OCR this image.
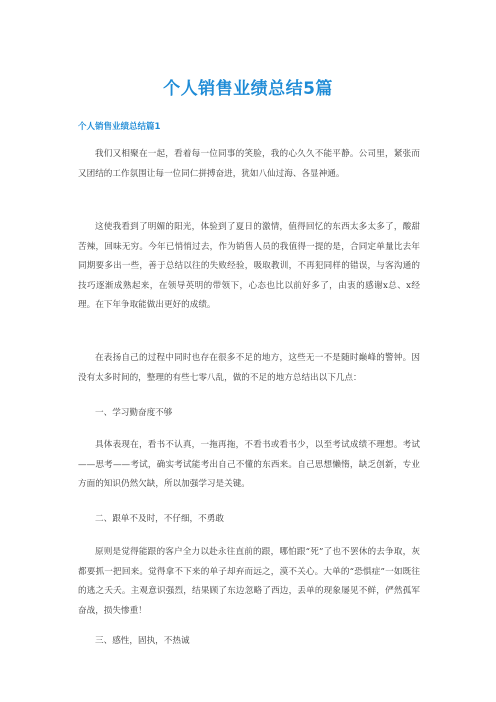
个人销售业绩总结5篇
个人销售业绩总结篇1

我们又相聚在一起，看着每一位同事的笑脸，我的心久久不能平静。公司里，紧张而又团结的工作氛围让每一位同仁拼搏奋进，犹如八仙过海、各显神通。

这使我看到了明媚的阳光，体验到了夏日的激情，值得回忆的东西太多太多了，酸甜苦辣，回味无穷。今年已悄悄过去，作为销售人员的我值得一提的是，合同定单量比去年同期要多出一些，善于总结以往的失败经验，吸取教训，不再犯同样的错误，与客沟通的技巧逐渐成熟起来，在领导英明的带领下，心态也比以前好多了，由衷的感谢x总、x经理。在下年争取能做出更好的成绩。

在表扬自己的过程中同时也存在很多不足的地方，这些无一不是随时巅峰的警钟。因没有太多时间的，整理的有些七零八乱，做的不足的地方总结出以下几点：

一、学习勤奋度不够

具体表现在，看书不认真，一拖再拖，不看书或看书少，以至考试成绩不理想。考试——思考——考试，确实考试能考出自己不懂的东西来。自己思想懒惰，缺乏创新，专业方面的知识仍然欠缺，所以加强学习是关键。

二、跟单不及时，不仔细，不勇敢

原则是觉得能跟的客户全力以赴永往直前的跟，哪怕跟“死”了也不罢休的去争取，灰都要抓一把回来。觉得拿不下来的单子却弃而远之，漠不关心。大单的“恐惧症”一如既往的逃之夭夭。主观意识强烈，结果顾了东边忽略了西边，丢单的现象屡见不鲜，俨然孤军奋战，损失惨重！

三、感性，固执，不热诚
